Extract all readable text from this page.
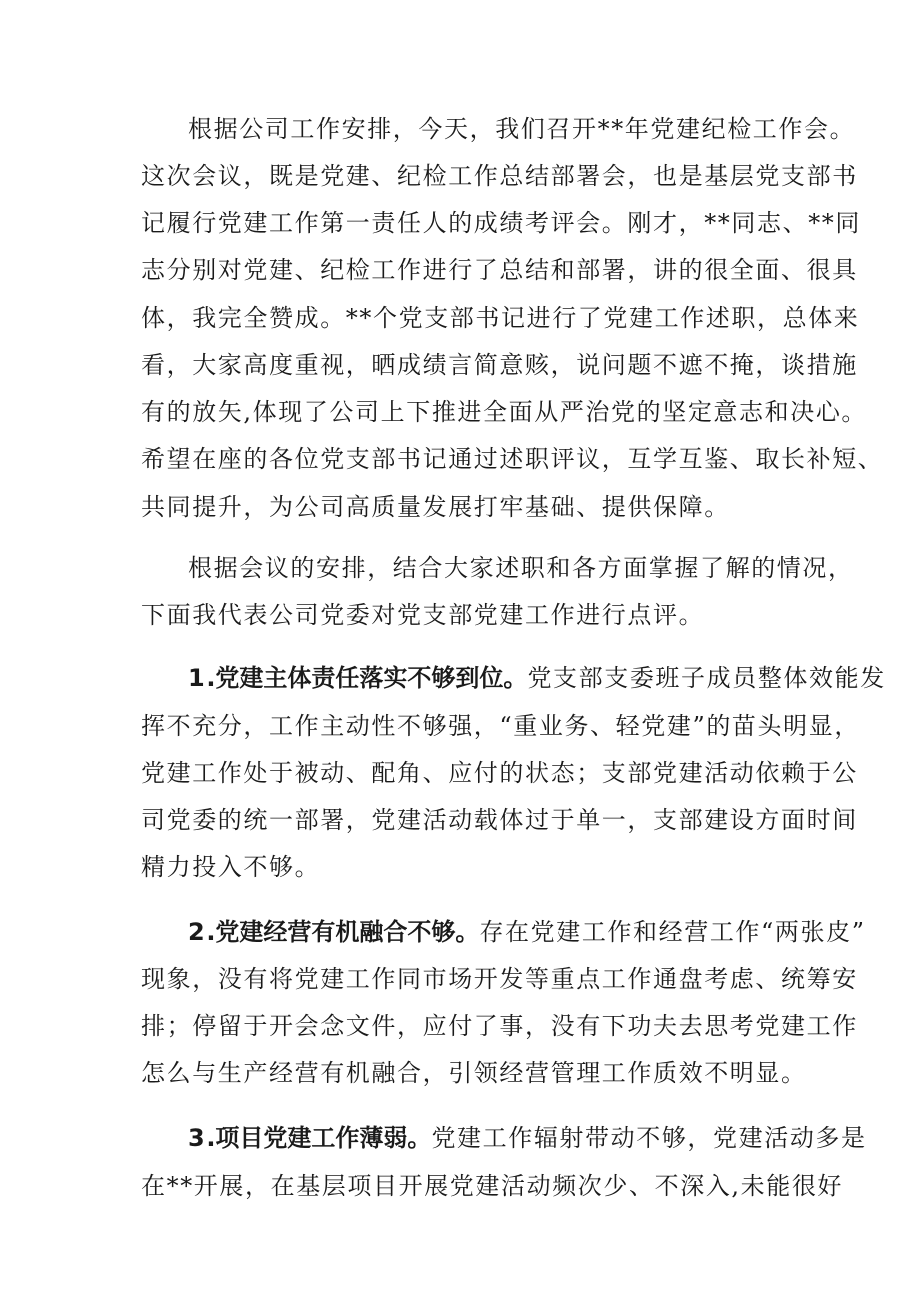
根据公司工作安排，今天，我们召开**年党建纪检工作会。
这次会议，既是党建、纪检工作总结部署会，也是基层党支部书
记履行党建工作第一责任人的成绩考评会。刚才，**同志、**同
志分别对党建、纪检工作进行了总结和部署，讲的很全面、很具
体，我完全赞成。**个党支部书记进行了党建工作述职，总体来
看，大家高度重视，晒成绩言简意赅，说问题不遮不掩，谈措施
有的放矢,体现了公司上下推进全面从严治党的坚定意志和决心。
希望在座的各位党支部书记通过述职评议，互学互鉴、取长补短、
共同提升，为公司高质量发展打牢基础、提供保障。
根据会议的安排，结合大家述职和各方面掌握了解的情况，
下面我代表公司党委对党支部党建工作进行点评。
1.党建主体责任落实不够到位。党支部支委班子成员整体效能发
挥不充分，工作主动性不够强，“重业务、轻党建”的苗头明显，
党建工作处于被动、配角、应付的状态；支部党建活动依赖于公
司党委的统一部署，党建活动载体过于单一，支部建设方面时间
精力投入不够。
2.党建经营有机融合不够。存在党建工作和经营工作“两张皮”
现象，没有将党建工作同市场开发等重点工作通盘考虑、统筹安
排；停留于开会念文件，应付了事，没有下功夫去思考党建工作
怎么与生产经营有机融合，引领经营管理工作质效不明显。
3.项目党建工作薄弱。党建工作辐射带动不够，党建活动多是
在**开展，在基层项目开展党建活动频次少、不深入,未能很好
